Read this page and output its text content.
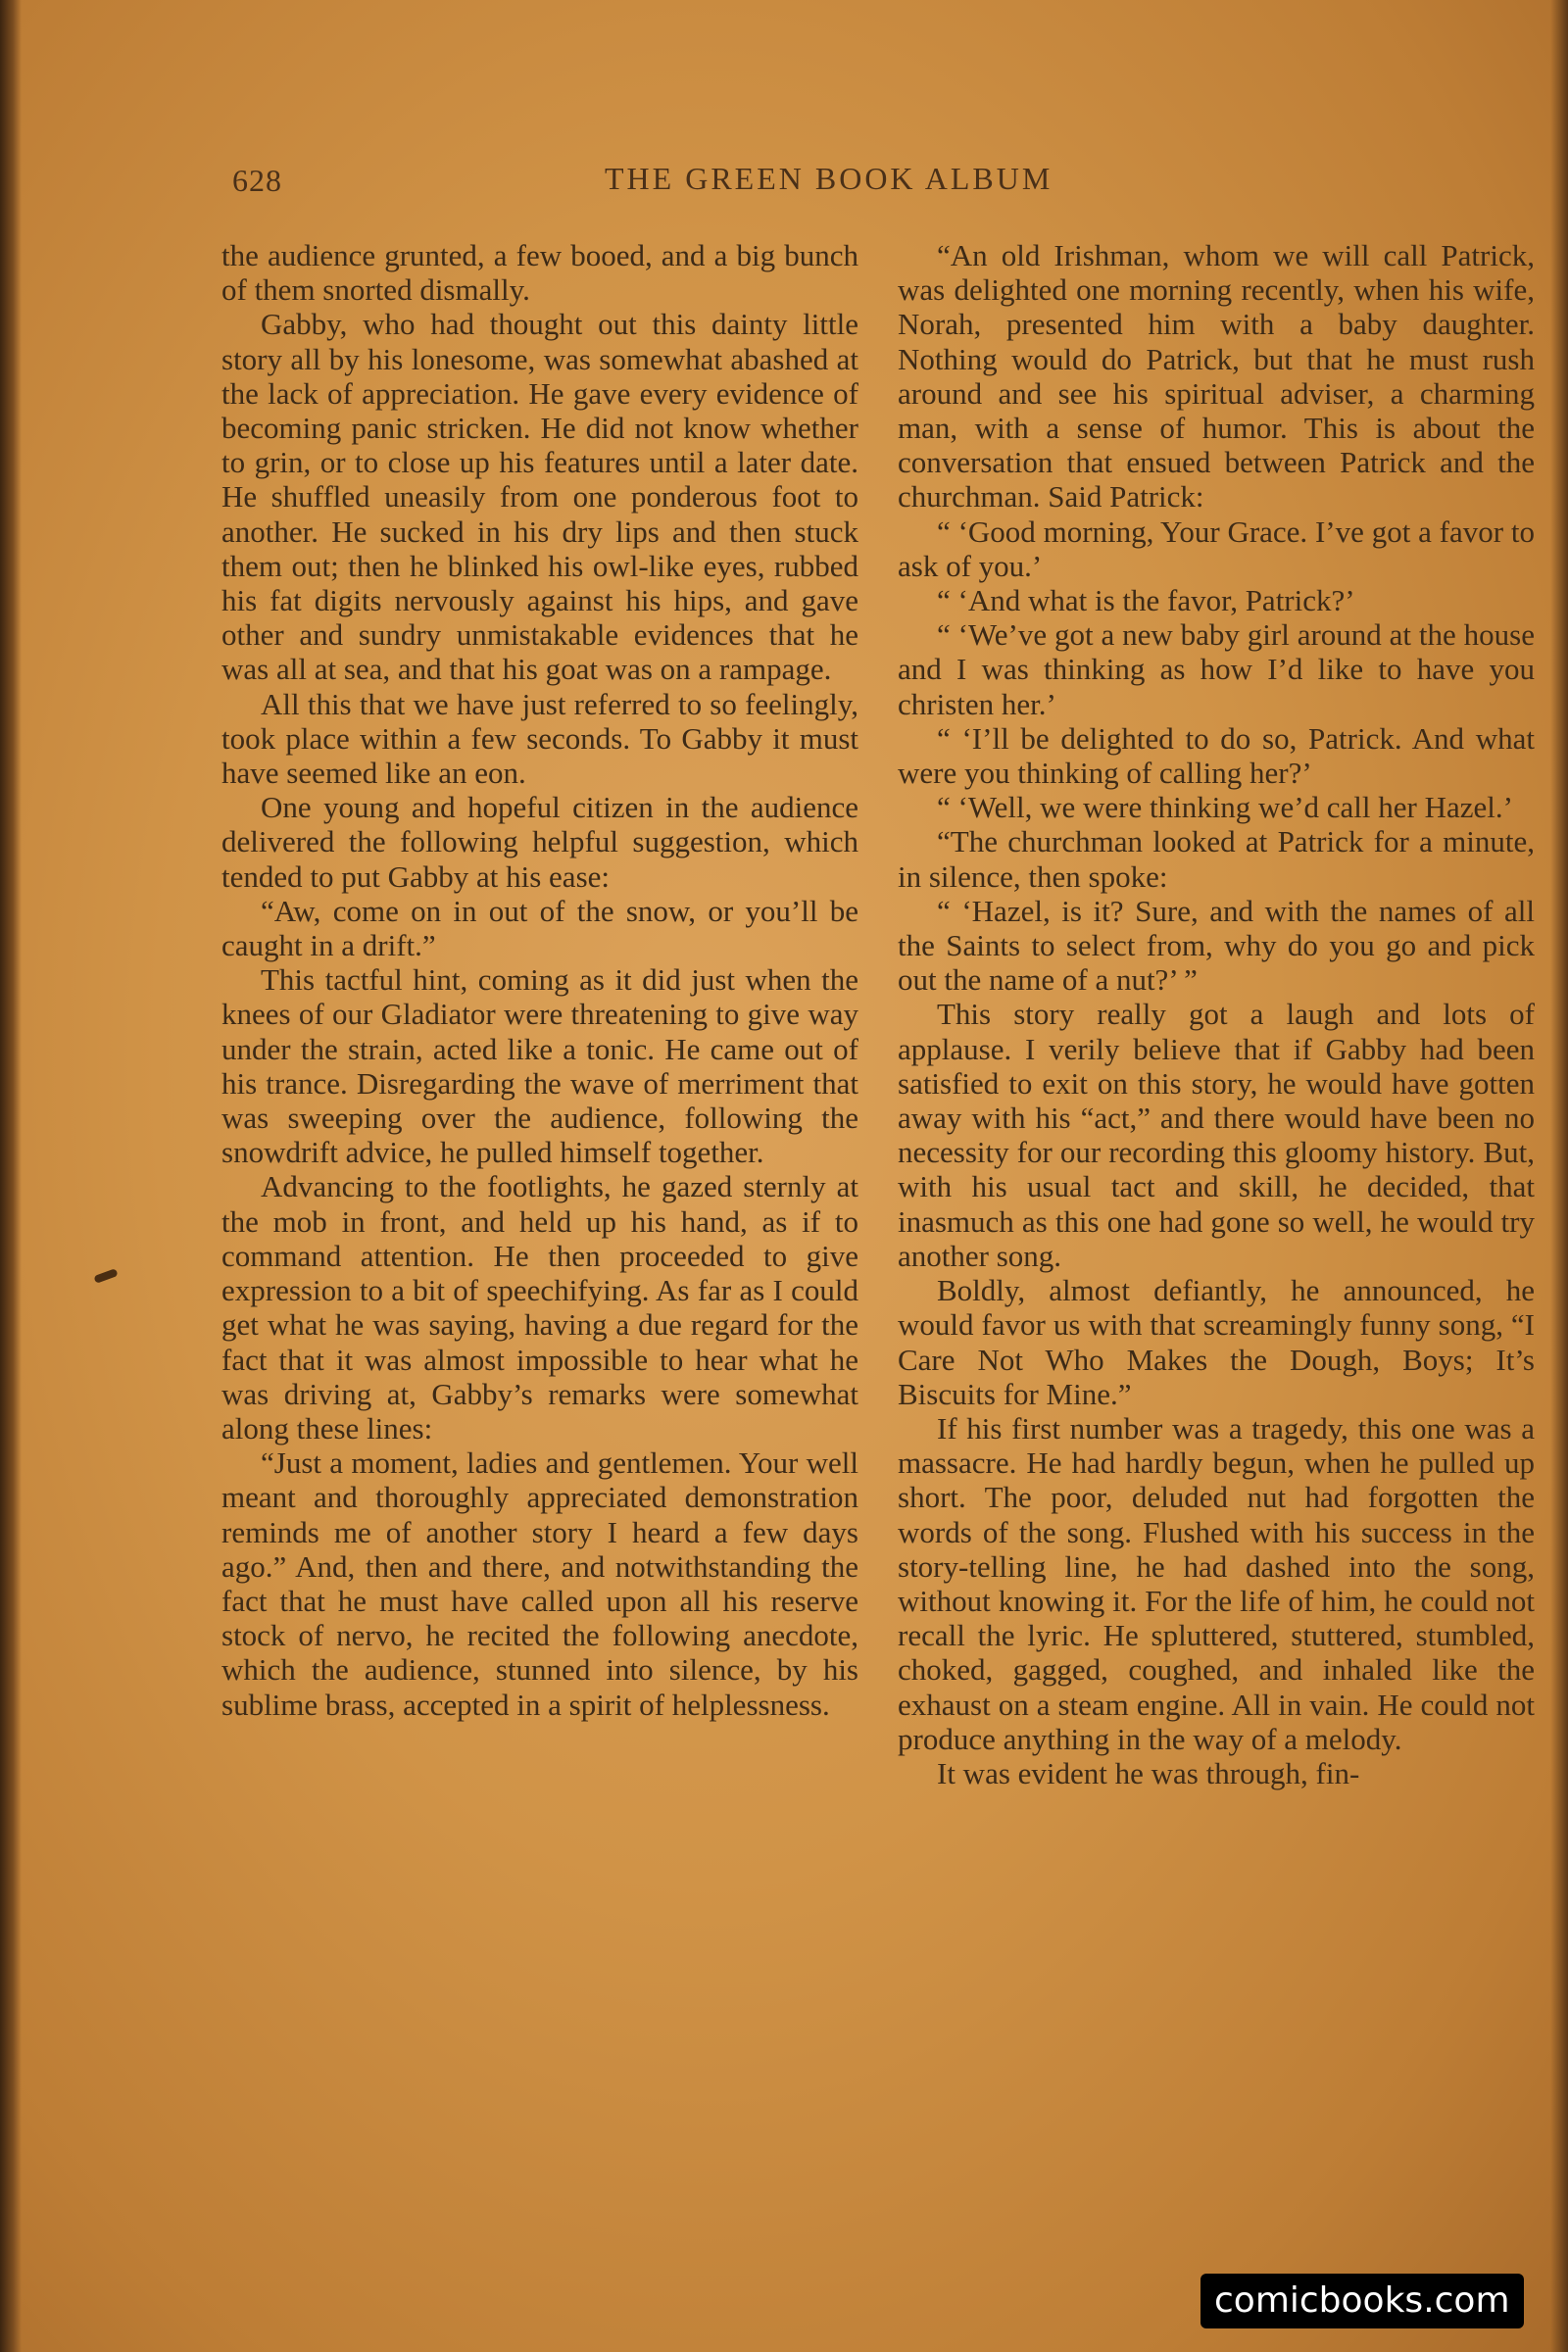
628	THE GREEN BOOK ALBUM

the audience grunted, a few booed, and a big bunch of them snorted dismally.

Gabby, who had thought out this dainty little story all by his lonesome, was somewhat abashed at the lack of appreciation. He gave every evidence of becoming panic stricken. He did not know whether to grin, or to close up his features until a later date. He shuffled uneasily from one ponderous foot to another. He sucked in his dry lips and then stuck them out; then he blinked his owl-like eyes, rubbed his fat digits nervously against his hips, and gave other and sundry unmistakable evidences that he was all at sea, and that his goat was on a rampage.

All this that we have just referred to so feelingly, took place within a few seconds. To Gabby it must have seemed like an eon.

One young and hopeful citizen in the audience delivered the following helpful suggestion, which tended to put Gabby at his ease:

“Aw, come on in out of the snow, or you’ll be caught in a drift.”

This tactful hint, coming as it did just when the knees of our Gladiator were threatening to give way under the strain, acted like a tonic. He came out of his trance. Disregarding the wave of merriment that was sweeping over the audience, following the snowdrift advice, he pulled himself together.

Advancing to the footlights, he gazed sternly at the mob in front, and held up his hand, as if to command attention. He then proceeded to give expression to a bit of speechifying. As far as I could get what he was saying, having a due regard for the fact that it was almost impossible to hear what he was driving at, Gabby’s remarks were somewhat along these lines:

“Just a moment, ladies and gentlemen. Your well meant and thoroughly appreciated demonstration reminds me of another story I heard a few days ago.” And, then and there, and notwithstanding the fact that he must have called upon all his reserve stock of nervo, he recited the following anecdote, which the audience, stunned into silence, by his sublime brass, accepted in a spirit of helplessness.

“An old Irishman, whom we will call Patrick, was delighted one morning recently, when his wife, Norah, presented him with a baby daughter. Nothing would do Patrick, but that he must rush around and see his spiritual adviser, a charming man, with a sense of humor. This is about the conversation that ensued between Patrick and the churchman. Said Patrick:

“ ‘Good morning, Your Grace. I’ve got a favor to ask of you.’

“ ‘And what is the favor, Patrick?’

“ ‘We’ve got a new baby girl around at the house and I was thinking as how I’d like to have you christen her.’

“ ‘I’ll be delighted to do so, Patrick. And what were you thinking of calling her?’

“ ‘Well, we were thinking we’d call her Hazel.’

“The churchman looked at Patrick for a minute, in silence, then spoke:

“ ‘Hazel, is it? Sure, and with the names of all the Saints to select from, why do you go and pick out the name of a nut?’ ”

This story really got a laugh and lots of applause. I verily believe that if Gabby had been satisfied to exit on this story, he would have gotten away with his “act,” and there would have been no necessity for our recording this gloomy history. But, with his usual tact and skill, he decided, that inasmuch as this one had gone so well, he would try another song.

Boldly, almost defiantly, he announced, he would favor us with that screamingly funny song, “I Care Not Who Makes the Dough, Boys; It’s Biscuits for Mine.”

If his first number was a tragedy, this one was a massacre. He had hardly begun, when he pulled up short. The poor, deluded nut had forgotten the words of the song. Flushed with his success in the story-telling line, he had dashed into the song, without knowing it. For the life of him, he could not recall the lyric. He spluttered, stuttered, stumbled, choked, gagged, coughed, and inhaled like the exhaust on a steam engine. All in vain. He could not produce anything in the way of a melody.

It was evident he was through, fin-

comicbooks.com
